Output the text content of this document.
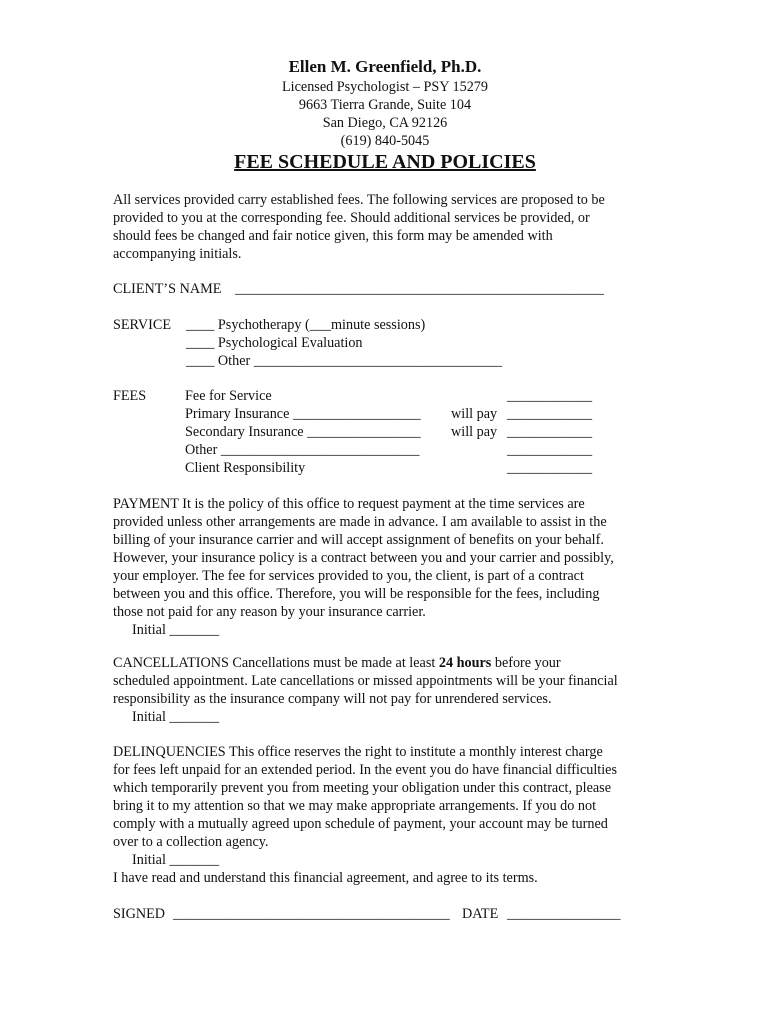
Ellen M. Greenfield, Ph.D.
Licensed Psychologist – PSY 15279
9663 Tierra Grande, Suite 104
San Diego, CA 92126
(619) 840-5045
FEE SCHEDULE AND POLICIES

All services provided carry established fees. The following services are proposed to be

provided to you at the corresponding fee. Should additional services be provided, or

should fees be changed and fair notice given, this form may be amended with

accompanying initials.

CLIENT’S NAME ____________________________________________________
SERVICE ____ Psychotherapy (___minute sessions)
____ Psychological Evaluation
____ Other ___________________________________
FEES	Fee for Service	____________
Primary Insurance __________________ will pay ____________
Secondary Insurance ________________ will pay ____________
Other ____________________________	____________
Client Responsibility	____________

PAYMENT It is the policy of this office to request payment at the time services are

provided unless other arrangements are made in advance. I am available to assist in the

billing of your insurance carrier and will accept assignment of benefits on your behalf.

However, your insurance policy is a contract between you and your carrier and possibly,

your employer. The fee for services provided to you, the client, is part of a contract

between you and this office. Therefore, you will be responsible for the fees, including

those not paid for any reason by your insurance carrier.

Initial _______

CANCELLATIONS Cancellations must be made at least 24 hours before your

scheduled appointment. Late cancellations or missed appointments will be your financial

responsibility as the insurance company will not pay for unrendered services.

Initial _______

DELINQUENCIES This office reserves the right to institute a monthly interest charge

for fees left unpaid for an extended period. In the event you do have financial difficulties

which temporarily prevent you from meeting your obligation under this contract, please

bring it to my attention so that we may make appropriate arrangements. If you do not

comply with a mutually agreed upon schedule of payment, your account may be turned

over to a collection agency.

Initial _______

I have read and understand this financial agreement, and agree to its terms.

SIGNED _______________________________________ DATE ________________
